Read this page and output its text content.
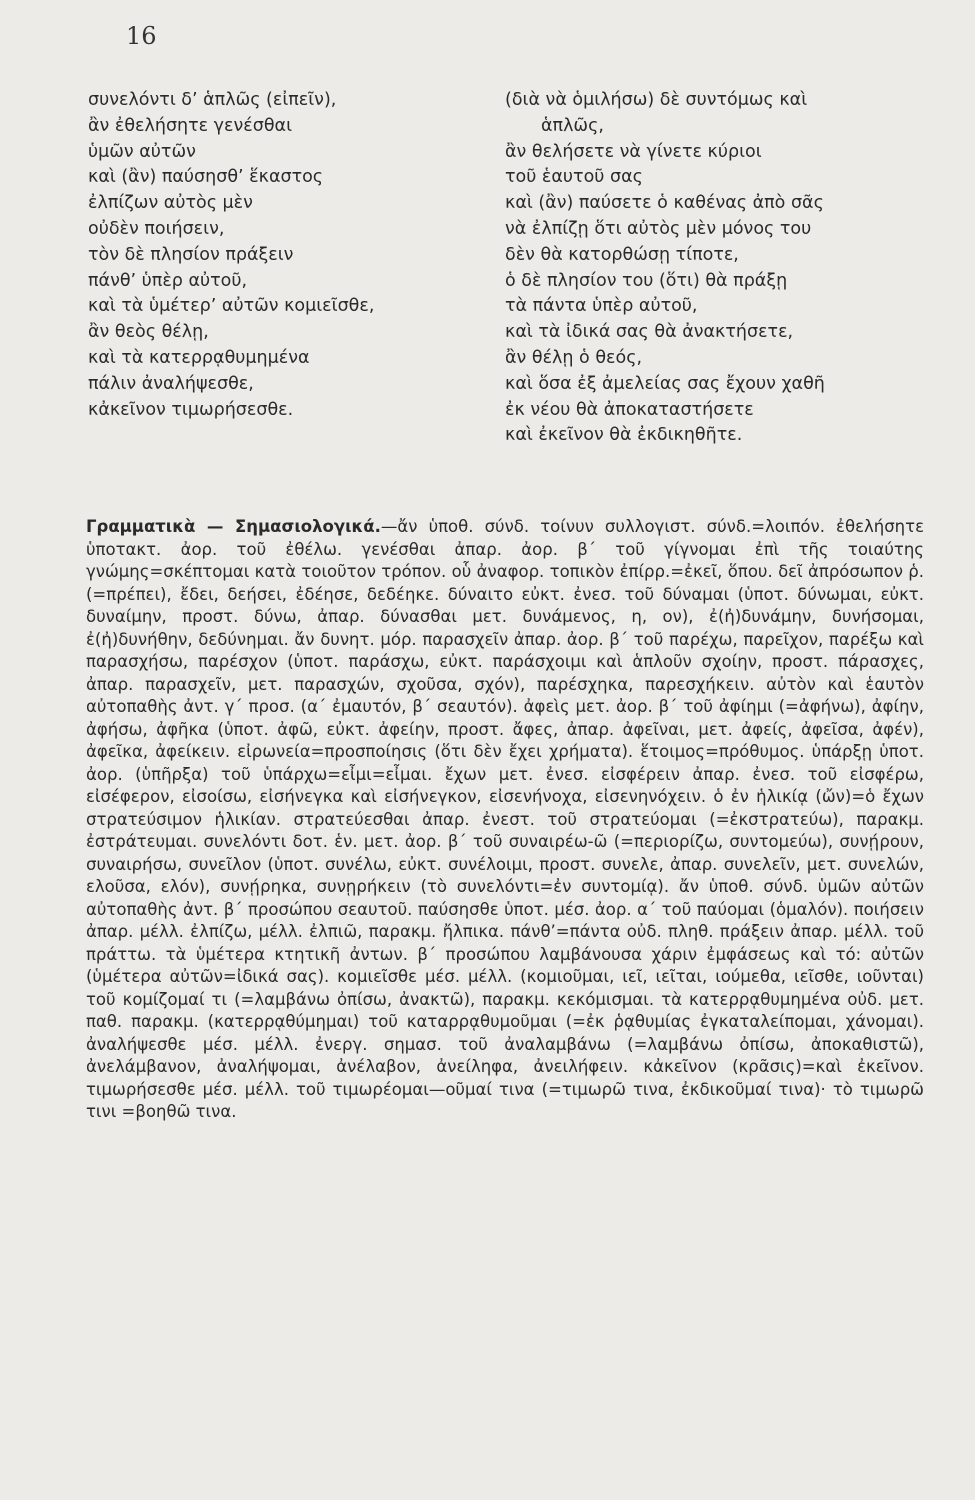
16
συνελόντι δ’ ἁπλῶς (εἰπεῖν),
ἂν ἐθελήσητε γενέσθαι
ὑμῶν αὐτῶν
καὶ (ἂν) παύσησθ’ ἕκαστος
ἐλπίζων αὐτὸς μὲν
οὐδὲν ποιήσειν,
τὸν δὲ πλησίον πράξειν
πάνθ’ ὑπὲρ αὐτοῦ,
καὶ τὰ ὑμέτερ’ αὐτῶν κομιεῖσθε,
ἂν θεὸς θέλῃ,
καὶ τὰ κατερρᾳθυμημένα
πάλιν ἀναλήψεσθε,
κἀκεῖνον τιμωρήσεσθε.
(διὰ νὰ ὁμιλήσω) δὲ συντόμως καὶ
ἁπλῶς,
ἂν θελήσετε νὰ γίνετε κύριοι
τοῦ ἑαυτοῦ σας
καὶ (ἂν) παύσετε ὁ καθένας ἀπὸ σᾶς
νὰ ἐλπίζῃ ὅτι αὐτὸς μὲν μόνος του
δὲν θὰ κατορθώσῃ τίποτε,
ὁ δὲ πλησίον του (ὅτι) θὰ πράξῃ
τὰ πάντα ὑπὲρ αὐτοῦ,
καὶ τὰ ἰδικά σας θὰ ἀνακτήσετε,
ἂν θέλῃ ὁ θεός,
καὶ ὅσα ἐξ ἀμελείας σας ἔχουν χαθῆ
ἐκ νέου θὰ ἀποκαταστήσετε
καὶ ἐκεῖνον θὰ ἐκδικηθῆτε.

Γραμματικὰ — Σημασιολογικά.—ἄν ὑποθ. σύνδ. τοίνυν συλλογιστ. σύνδ.=λοιπόν. ἐθελήσητε ὑποτακτ. ἀορ. τοῦ ἐθέλω. γενέσθαι ἀπαρ. ἀορ. β΄ τοῦ γίγνομαι ἐπὶ τῆς τοιαύτης γνώμης=σκέπτομαι κατὰ τοιοῦτον τρόπον. οὗ ἀναφορ. τοπικὸν ἐπίρρ.=ἐκεῖ, ὅπου. δεῖ ἀπρόσωπον ῥ. (=πρέπει), ἔδει, δεήσει, ἐδέησε, δεδέηκε. δύναιτο εὐκτ. ἐνεσ. τοῦ δύναμαι (ὑποτ. δύνωμαι, εὐκτ. δυναίμην, προστ. δύνω, ἀπαρ. δύνασθαι μετ. δυνάμενος, η, ον), ἐ(ἠ)δυνάμην, δυνήσομαι, ἐ(ἠ)δυνήθην, δεδύνημαι. ἄν δυνητ. μόρ. παρασχεῖν ἀπαρ. ἀορ. β΄ τοῦ παρέχω, παρεῖχον, παρέξω καὶ παρασχήσω, παρέσχον (ὑποτ. παράσχω, εὐκτ. παράσχοιμι καὶ ἁπλοῦν σχοίην, προστ. πάρασχες, ἀπαρ. παρασχεῖν, μετ. παρασχών, σχοῦσα, σχόν), παρέσχηκα, παρεσχήκειν. αὐτὸν καὶ ἑαυτὸν αὐτοπαθὴς ἀντ. γ΄ προσ. (α΄ ἐμαυτόν, β΄ σεαυτόν). ἀφεὶς μετ. ἀορ. β΄ τοῦ ἀφίημι (=ἀφήνω), ἀφίην, ἀφήσω, ἀφῆκα (ὑποτ. ἀφῶ, εὐκτ. ἀφείην, προστ. ἄφες, ἀπαρ. ἀφεῖναι, μετ. ἀφείς, ἀφεῖσα, ἀφέν), ἀφεῖκα, ἀφείκειν. εἰρωνεία=προσποίησις (ὅτι δὲν ἔχει χρήματα). ἕτοιμος=πρόθυμος. ὑπάρξῃ ὑποτ. ἀορ. (ὑπῆρξα) τοῦ ὑπάρχω=εἶμι=εἶμαι. ἔχων μετ. ἐνεσ. εἰσφέρειν ἀπαρ. ἐνεσ. τοῦ εἰσφέρω, εἰσέφερον, εἰσοίσω, εἰσήνεγκα καὶ εἰσήνεγκον, εἰσενήνοχα, εἰσενηνόχειν. ὁ ἐν ἡλικίᾳ (ὤν)=ὁ ἔχων στρατεύσιμον ἡλικίαν. στρατεύεσθαι ἀπαρ. ἐνεστ. τοῦ στρατεύομαι (=ἐκστρατεύω), παρακμ. ἐστράτευμαι. συνελόντι δοτ. ἑν. μετ. ἀορ. β΄ τοῦ συναιρέω-ῶ (=περιορίζω, συντομεύω), συνῄρουν, συναιρήσω, συνεῖλον (ὑποτ. συνέλω, εὐκτ. συνέλοιμι, προστ. συνελε, ἀπαρ. συνελεῖν, μετ. συνελών, ελοῦσα, ελόν), συνῄρηκα, συνῃρήκειν (τὸ συνελόντι=ἐν συντομίᾳ). ἄν ὑποθ. σύνδ. ὑμῶν αὐτῶν αὐτοπαθὴς ἀντ. β΄ προσώπου σεαυτοῦ. παύσησθε ὑποτ. μέσ. ἀορ. α΄ τοῦ παύομαι (ὁμαλόν). ποιήσειν ἀπαρ. μέλλ. ἐλπίζω, μέλλ. ἐλπιῶ, παρακμ. ἤλπικα. πάνθ’=πάντα οὐδ. πληθ. πράξειν ἀπαρ. μέλλ. τοῦ πράττω. τὰ ὑμέτερα κτητικῆ ἀντων. β΄ προσώπου λαμβάνουσα χάριν ἐμφάσεως καὶ τό: αὐτῶν (ὑμέτερα αὐτῶν=ἰδικά σας). κομιεῖσθε μέσ. μέλλ. (κομιοῦμαι, ιεῖ, ιεῖται, ιούμεθα, ιεῖσθε, ιοῦνται) τοῦ κομίζομαί τι (=λαμβάνω ὀπίσω, ἀνακτῶ), παρακμ. κεκόμισμαι. τὰ κατερρᾳθυμημένα οὐδ. μετ. παθ. παρακμ. (κατερρᾳθύμημαι) τοῦ καταρρᾳθυμοῦμαι (=ἐκ ῥᾳθυμίας ἐγκαταλείπομαι, χάνομαι). ἀναλήψεσθε μέσ. μέλλ. ἐνεργ. σημασ. τοῦ ἀναλαμβάνω (=λαμβάνω ὀπίσω, ἀποκαθιστῶ), ἀνελάμβανον, ἀναλήψομαι, ἀνέλαβον, ἀνείληφα, ἀνειλήφειν. κἀκεῖνον (κρᾶσις)=καὶ ἐκεῖνον. τιμωρήσεσθε μέσ. μέλλ. τοῦ τιμωρέομαι—οῦμαί τινα (=τιμωρῶ τινα, ἐκδικοῦμαί τινα)· τὸ τιμωρῶ τινι =βοηθῶ τινα.
